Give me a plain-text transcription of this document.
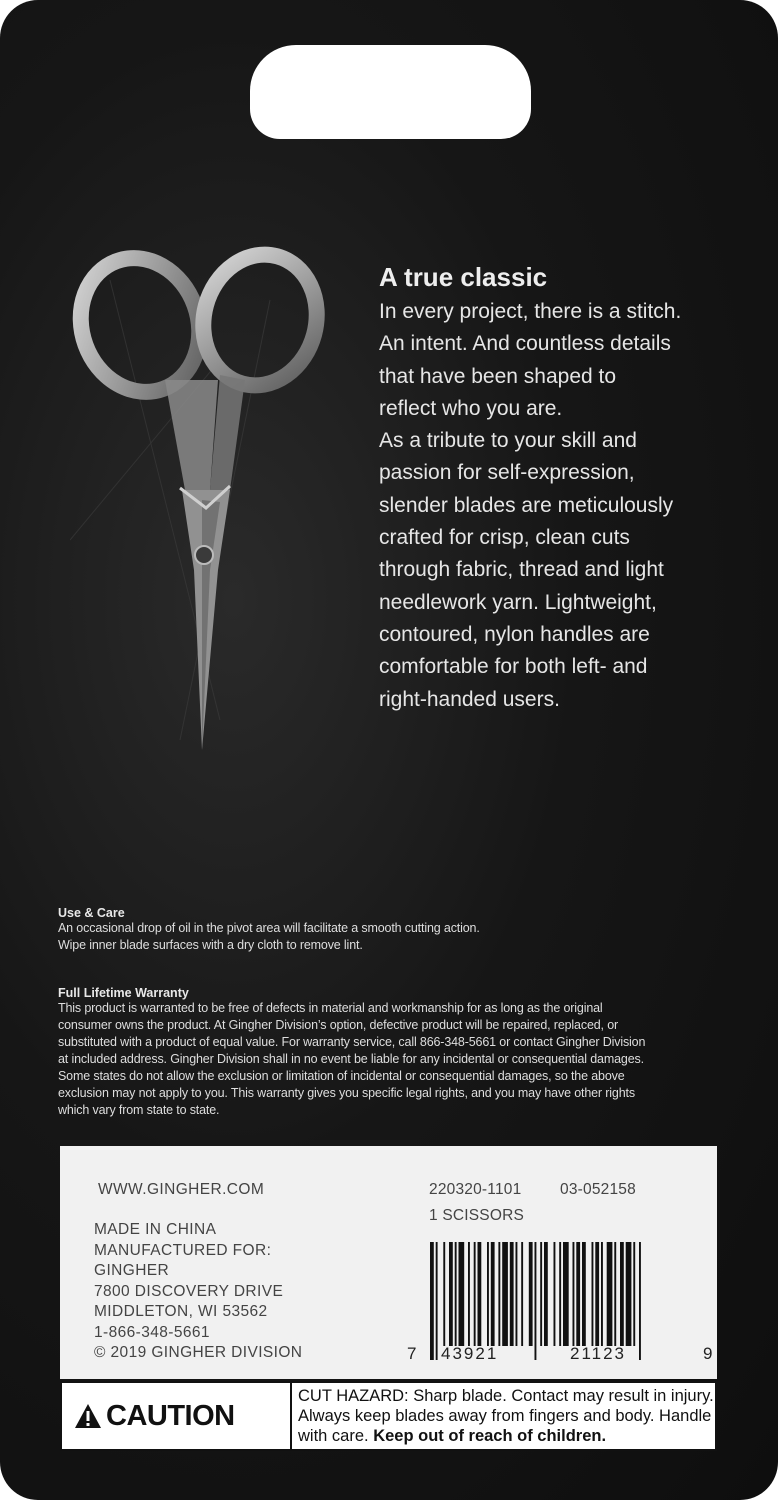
A true classic

In every project, there is a stitch.

An intent. And countless details

that have been shaped to

reflect who you are.

As a tribute to your skill and

passion for self-expression,

slender blades are meticulously

crafted for crisp, clean cuts

through fabric, thread and light

needlework yarn. Lightweight,

contoured, nylon handles are

comfortable for both left- and

right-handed users.

Use & Care

An occasional drop of oil in the pivot area will facilitate a smooth cutting action.

Wipe inner blade surfaces with a dry cloth to remove lint.

Full Lifetime Warranty

This product is warranted to be free of defects in material and workmanship for as long as the original

consumer owns the product. At Gingher Division’s option, defective product will be repaired, replaced, or

substituted with a product of equal value. For warranty service, call 866-348-5661 or contact Gingher Division

at included address. Gingher Division shall in no event be liable for any incidental or consequential damages.

Some states do not allow the exclusion or limitation of incidental or consequential damages, so the above

exclusion may not apply to you. This warranty gives you specific legal rights, and you may have other rights

which vary from state to state.

WWW.GINGHER.COM	220320-1101 03-052158
1 SCISSORS
MADE IN CHINA
MANUFACTURED FOR:
GINGHER
7800 DISCOVERY DRIVE
MIDDLETON, WI 53562
1-866-348-5661
© 2019 GINGHER DIVISION	7 43921	21123	9
CAUTION
CUT HAZARD: Sharp blade. Contact may result in injury. Always keep blades away from fingers and body. Handle with care. Keep out of reach of children.
